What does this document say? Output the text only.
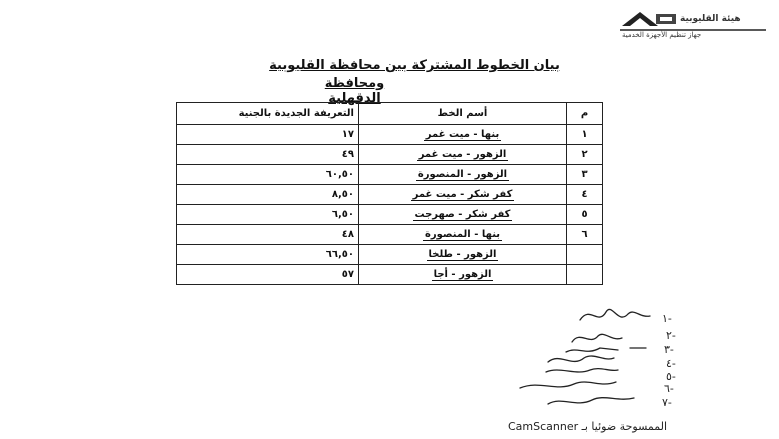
هيئة القليوبية
جهاز تنظيم الأجهزة الخدمية
بيان الخطوط المشتركة بين محافظة القليوبية
ومحافظة الدقهلية
م	أسم الخط	التعريفة الجديدة بالجنية
١	بنها - ميت غمر	١٧
٢	الزهور - ميت غمر	٤٩
٣	الزهور - المنصورة	٦٠,٥٠
٤	كفر شكر - ميت غمر	٨,٥٠
٥	كفر شكر - صهرجت	٦,٥٠
٦	بنها - المنصورة	٤٨
	الزهور - طلخا	٦٦,٥٠
	الزهور - أجا	٥٧
١-
٢-
٣-
٤-
٥-
٦-
٧-
الممسوحة ضوئيا بـ CamScanner
